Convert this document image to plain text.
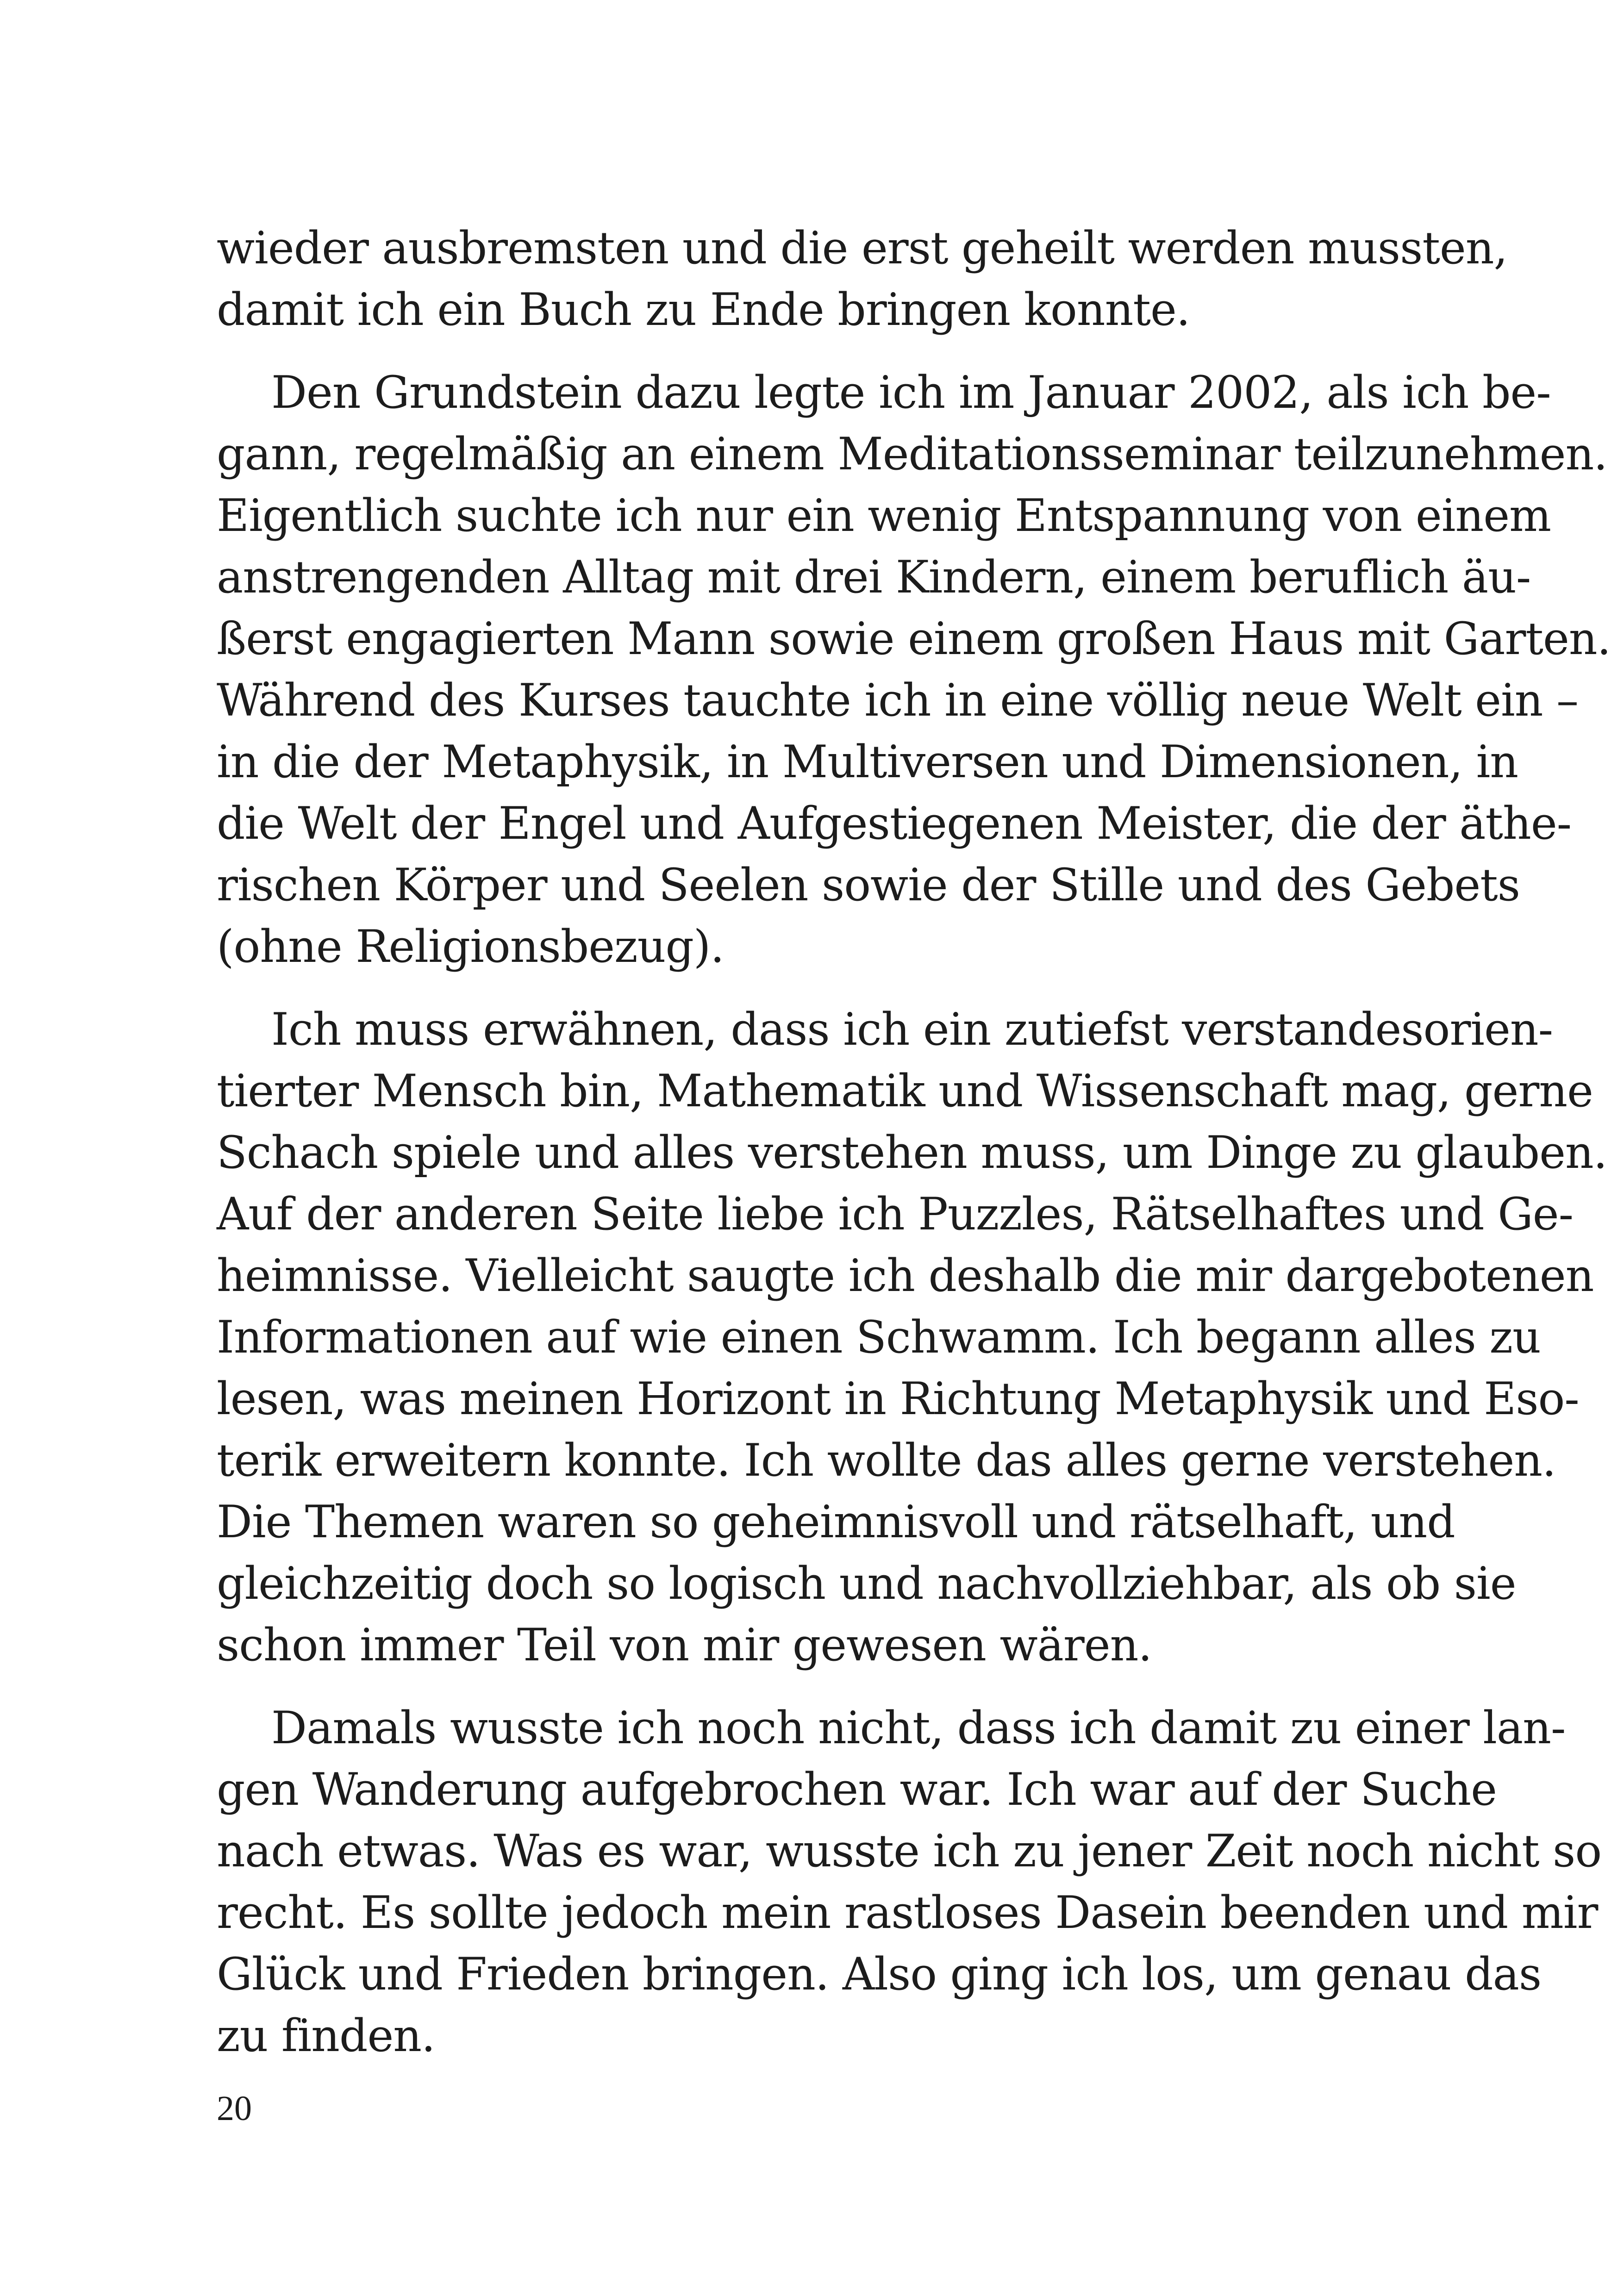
wieder ausbremsten und die erst geheilt werden mussten,
damit ich ein Buch zu Ende bringen konnte.
Den Grundstein dazu legte ich im Januar 2002, als ich be-
gann, regelmäßig an einem Meditationsseminar teilzunehmen.
Eigentlich suchte ich nur ein wenig Entspannung von einem
anstrengenden Alltag mit drei Kindern, einem beruflich äu-
ßerst engagierten Mann sowie einem großen Haus mit Garten.
Während des Kurses tauchte ich in eine völlig neue Welt ein –
in die der Metaphysik, in Multiversen und Dimensionen, in
die Welt der Engel und Aufgestiegenen Meister, die der äthe-
rischen Körper und Seelen sowie der Stille und des Gebets
(ohne Religionsbezug).
Ich muss erwähnen, dass ich ein zutiefst verstandesorien-
tierter Mensch bin, Mathematik und Wissenschaft mag, gerne
Schach spiele und alles verstehen muss, um Dinge zu glauben.
Auf der anderen Seite liebe ich Puzzles, Rätselhaftes und Ge-
heimnisse. Vielleicht saugte ich deshalb die mir dargebotenen
Informationen auf wie einen Schwamm. Ich begann alles zu
lesen, was meinen Horizont in Richtung Metaphysik und Eso-
terik erweitern konnte. Ich wollte das alles gerne verstehen.
Die Themen waren so geheimnisvoll und rätselhaft, und
gleichzeitig doch so logisch und nachvollziehbar, als ob sie
schon immer Teil von mir gewesen wären.
Damals wusste ich noch nicht, dass ich damit zu einer lan-
gen Wanderung aufgebrochen war. Ich war auf der Suche
nach etwas. Was es war, wusste ich zu jener Zeit noch nicht so
recht. Es sollte jedoch mein rastloses Dasein beenden und mir
Glück und Frieden bringen. Also ging ich los, um genau das
zu finden.
20
